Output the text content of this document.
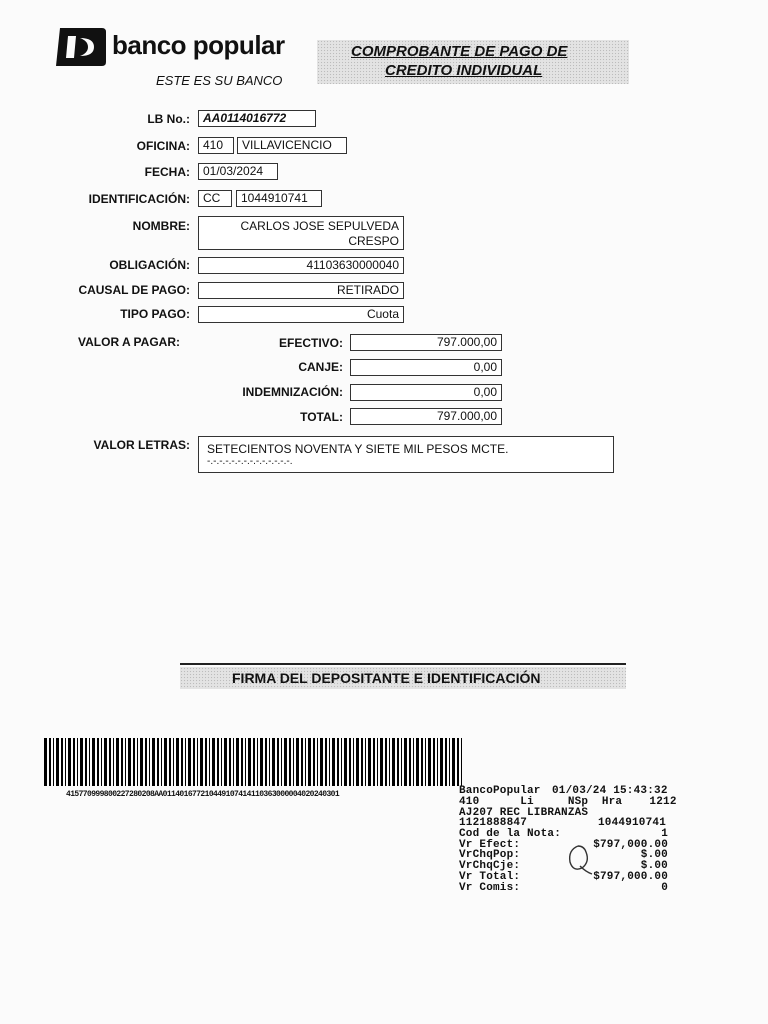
banco popular
ESTE ES SU BANCO
COMPROBANTE DE PAGO DE
CREDITO INDIVIDUAL
LB No.:	AA0114016772
OFICINA:	410	VILLAVICENCIO
FECHA:	01/03/2024
IDENTIFICACIÓN:	CC	1044910741
NOMBRE:	CARLOS JOSE SEPULVEDA
CRESPO
OBLIGACIÓN:	41103630000040
CAUSAL DE PAGO:	RETIRADO
TIPO PAGO:	Cuota
VALOR A PAGAR:	EFECTIVO:	797.000,00
CANJE:	0,00
INDEMNIZACIÓN:	0,00
TOTAL:	797.000,00
VALOR LETRAS: SETECIENTOS NOVENTA Y SIETE MIL PESOS MCTE.
-.-.-.-.-.-.-.-.-.-.-.-.-.-.
FIRMA DEL DEPOSITANTE E IDENTIFICACIÓN
415770999800227280208AA01140167721044910741411036300000402024030​1	BancoPopular 01/03/24 15:43:32
410      Li     NSp  Hra    1212
AJ207 REC LIBRANZAS
1121888847	1044910741
Cod de la Nota:	1
Vr Efect:	$797,000.00
VrChqPop:	$.00
VrChqCje:	$.00
Vr Total:	$797,000.00
Vr Comis:	0
